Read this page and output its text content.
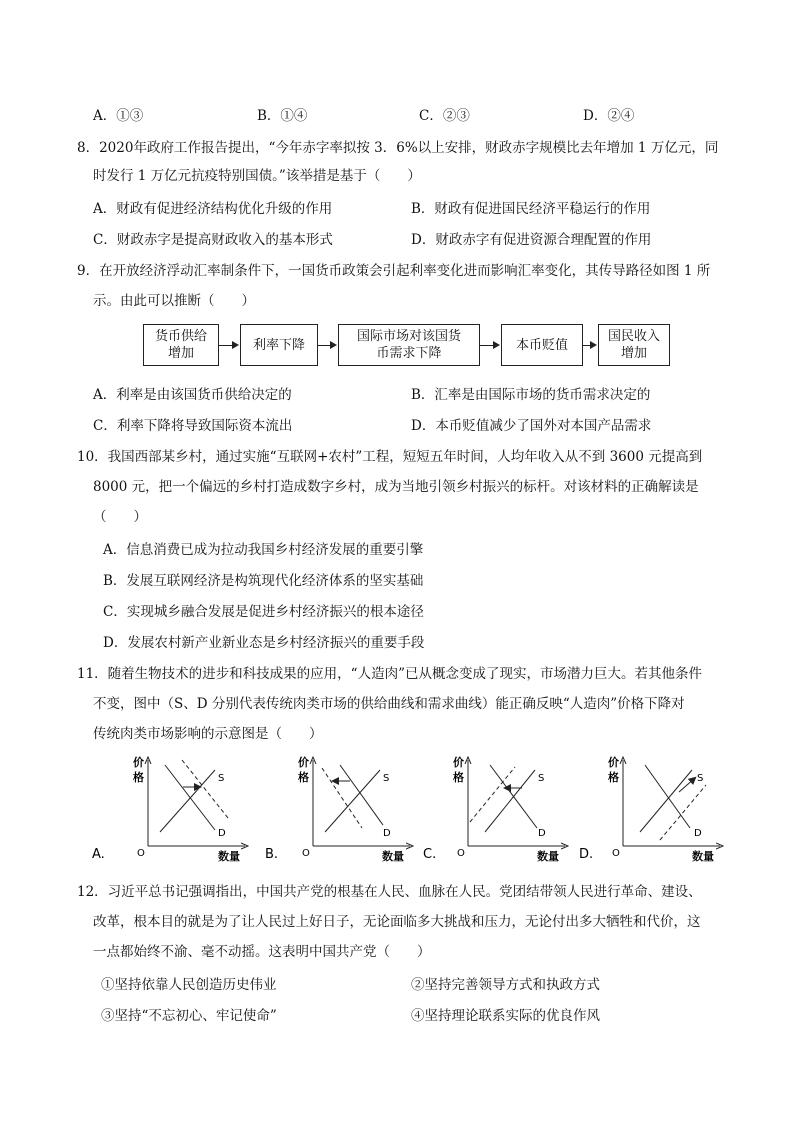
A．①③	B．①④	C．②③	D．②④
8．2020年政府工作报告提出，“今年赤字率拟按 3．6%以上安排，财政赤字规模比去年增加 1 万亿元，同
时发行 1 万亿元抗疫特别国债。”该举措是基于（　　）
A．财政有促进经济结构优化升级的作用	B．财政有促进国民经济平稳运行的作用
C．财政赤字是提高财政收入的基本形式	D．财政赤字有促进资源合理配置的作用
9．在开放经济浮动汇率制条件下，一国货币政策会引起利率变化进而影响汇率变化，其传导路径如图 1 所
示。由此可以推断（　　）
货币供给增加
利率下降
国际市场对该国货币需求下降
本币贬值
国民收入增加
A．利率是由该国货币供给决定的	B．汇率是由国际市场的货币需求决定的
C．利率下降将导致国际资本流出	D．本币贬值减少了国外对本国产品需求
10．我国西部某乡村，通过实施“互联网+农村”工程，短短五年时间，人均年收入从不到 3600 元提高到
8000 元，把一个偏远的乡村打造成数字乡村，成为当地引领乡村振兴的标杆。对该材料的正确解读是
（　　）
A．信息消费已成为拉动我国乡村经济发展的重要引擎
B．发展互联网经济是构筑现代化经济体系的坚实基础
C．实现城乡融合发展是促进乡村经济振兴的根本途径
D．发展农村新产业新业态是乡村经济振兴的重要手段
11．随着生物技术的进步和科技成果的应用，“人造肉”已从概念变成了现实，市场潜力巨大。若其他条件
不变，图中（S、D 分别代表传统肉类市场的供给曲线和需求曲线）能正确反映“人造肉”价格下降对
传统肉类市场影响的示意图是（　　）
A.
价
格
O	数量
S
D
B.
价
格
O	数量
S
D
C.
价
格
O	数量
S
D
D.
价
格
O	数量
S
D
12．习近平总书记强调指出，中国共产党的根基在人民、血脉在人民。党团结带领人民进行革命、建设、
改革，根本目的就是为了让人民过上好日子，无论面临多大挑战和压力，无论付出多大牺牲和代价，这
一点都始终不渝、毫不动摇。这表明中国共产党（　　）
①坚持依靠人民创造历史伟业	②坚持完善领导方式和执政方式
③坚持“不忘初心、牢记使命”	④坚持理论联系实际的优良作风
